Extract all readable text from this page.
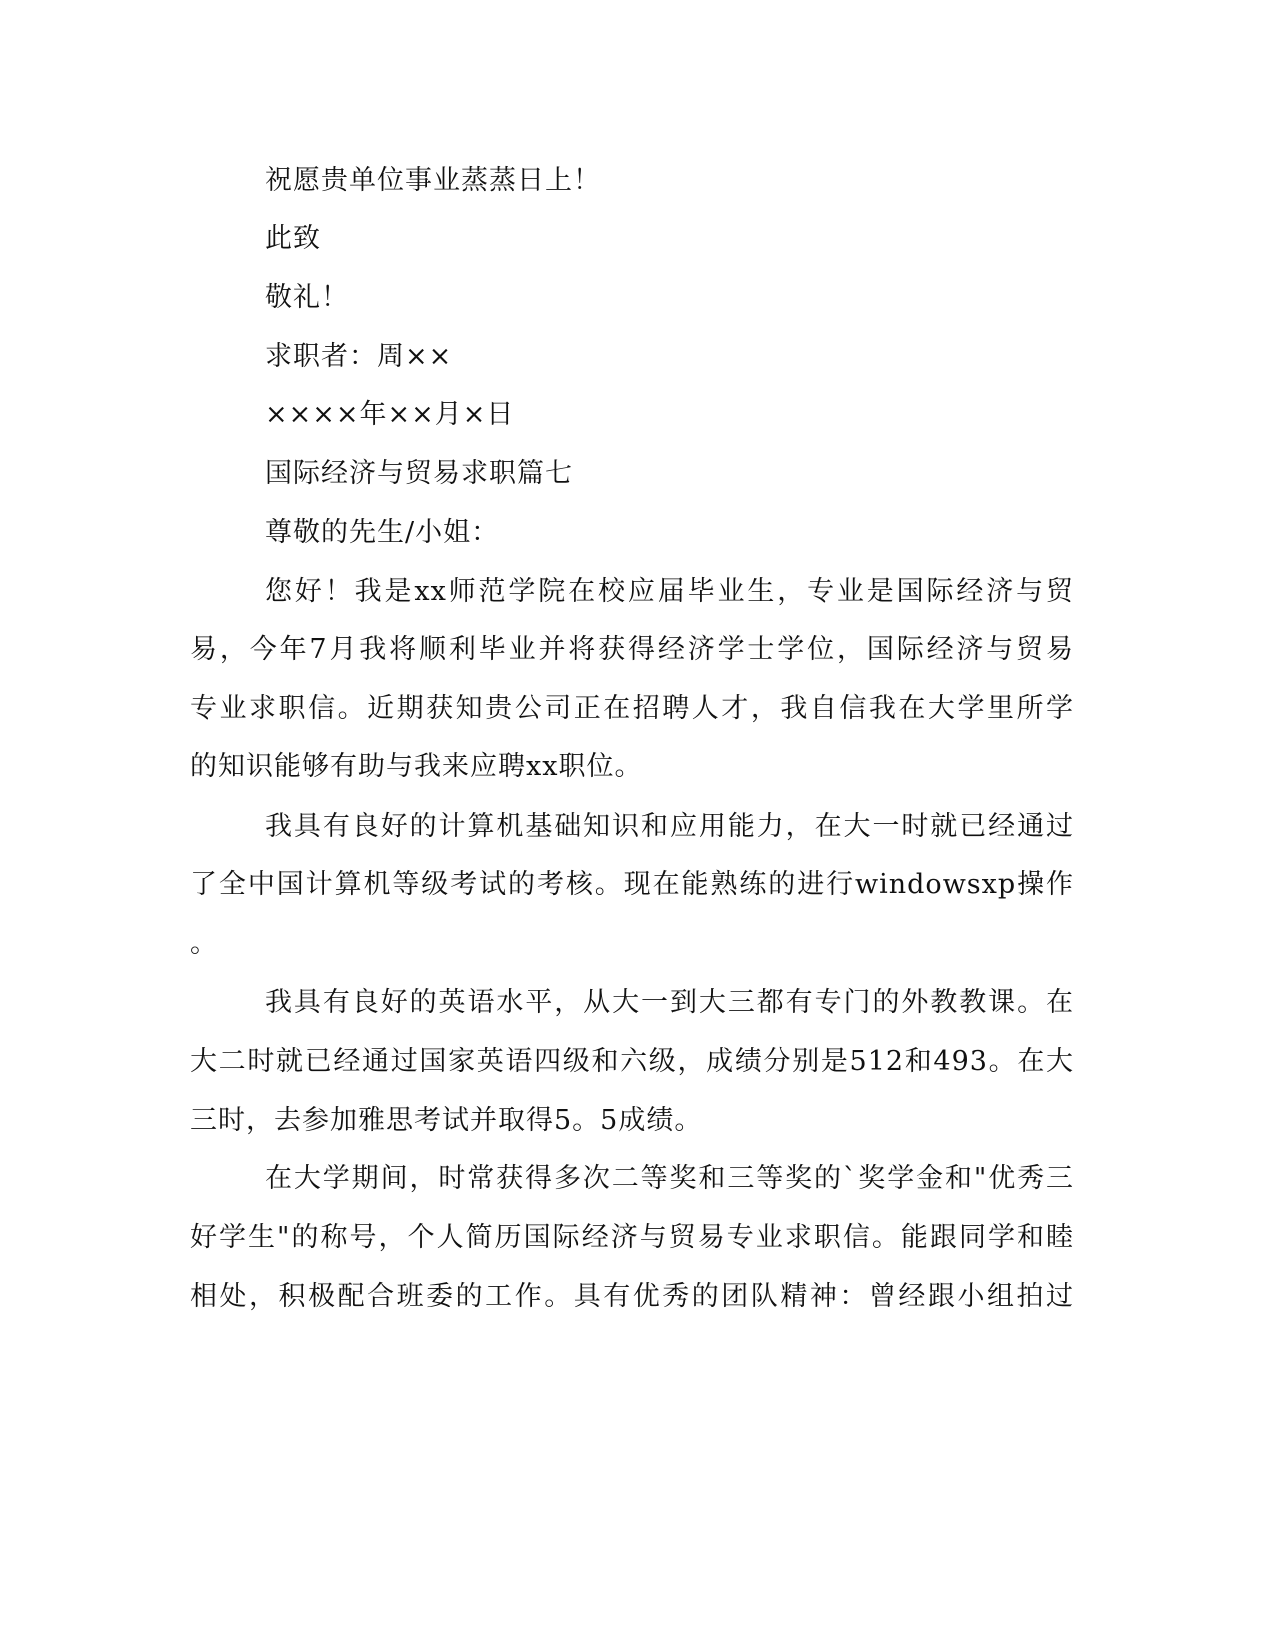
祝愿贵单位事业蒸蒸日上！
此致
敬礼！
求职者：周××
××××年××月×日
国际经济与贸易求职篇七
尊敬的先生/小姐：
您好！我是xx师范学院在校应届毕业生，专业是国际经济与贸
易，今年7月我将顺利毕业并将获得经济学士学位，国际经济与贸易
专业求职信。近期获知贵公司正在招聘人才，我自信我在大学里所学
的知识能够有助与我来应聘xx职位。
我具有良好的计算机基础知识和应用能力，在大一时就已经通过
了全中国计算机等级考试的考核。现在能熟练的进行windowsxp操作
。
我具有良好的英语水平，从大一到大三都有专门的外教教课。在
大二时就已经通过国家英语四级和六级，成绩分别是512和493。在大
三时，去参加雅思考试并取得5。5成绩。
在大学期间，时常获得多次二等奖和三等奖的`奖学金和"优秀三
好学生"的称号，个人简历国际经济与贸易专业求职信。能跟同学和睦
相处，积极配合班委的工作。具有优秀的团队精神：曾经跟小组拍过
